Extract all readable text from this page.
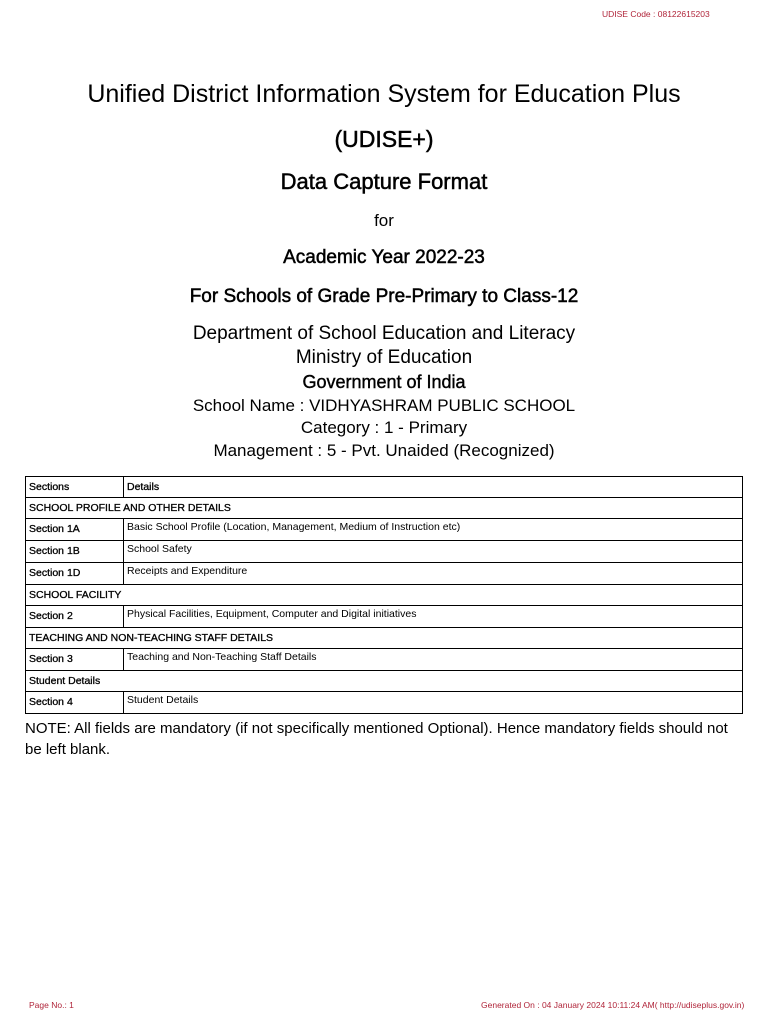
UDISE Code : 08122615203
Unified District Information System for Education Plus
(UDISE+)
Data Capture Format
for
Academic Year 2022-23
For Schools of Grade Pre-Primary to Class-12
Department of School Education and Literacy
Ministry of Education
Government of India
School Name : VIDHYASHRAM PUBLIC SCHOOL
Category : 1 - Primary
Management : 5 - Pvt. Unaided (Recognized)
Sections	Details
SCHOOL PROFILE AND OTHER DETAILS	
Section 1A	Basic School Profile (Location, Management, Medium of Instruction etc)
Section 1B	School Safety
Section 1D	Receipts and Expenditure
SCHOOL FACILITY	
Section 2	Physical Facilities, Equipment, Computer and Digital initiatives
TEACHING AND NON-TEACHING STAFF DETAILS	
Section 3	Teaching and Non-Teaching Staff Details
Student Details	
Section 4	Student Details
NOTE: All fields are mandatory (if not specifically mentioned Optional). Hence mandatory fields should not be left blank.
Page No.: 1	Generated On : 04 January 2024 10:11:24 AM( http://udiseplus.gov.in)
